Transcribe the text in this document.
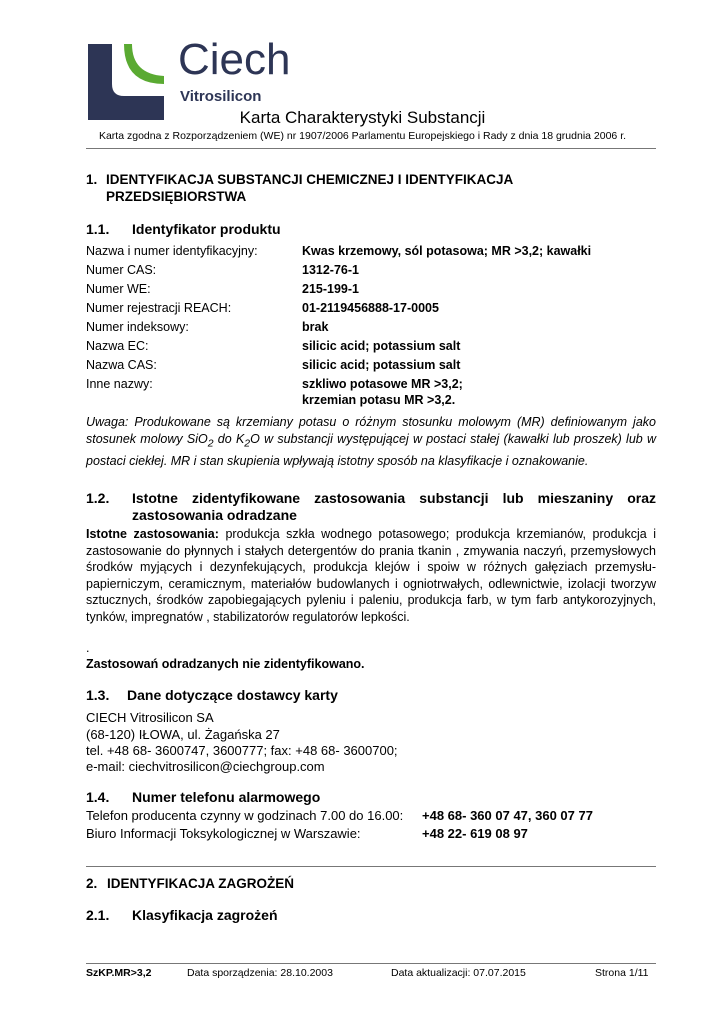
Ciech
Vitrosilicon
Karta Charakterystyki Substancji
Karta zgodna z Rozporządzeniem (WE) nr 1907/2006 Parlamentu Europejskiego i Rady z dnia 18 grudnia 2006 r.
1. IDENTYFIKACJA SUBSTANCJI CHEMICZNEJ I IDENTYFIKACJA
PRZEDSIĘBIORSTWA
1.1. Identyfikator produktu
Nazwa i numer identyfikacyjny:	Kwas krzemowy, sól potasowa; MR >3,2; kawałki
Numer CAS:	1312-76-1
Numer WE:	215-199-1
Numer rejestracji REACH:	01-2119456888-17-0005
Numer indeksowy:	brak
Nazwa EC:	silicic acid; potassium salt
Nazwa CAS:	silicic acid; potassium salt
Inne nazwy:	szkliwo potasowe MR >3,2;
krzemian potasu MR >3,2.
Uwaga: Produkowane są krzemiany potasu o różnym stosunku molowym (MR) definiowanym jako stosunek molowy SiO$_2$ do $K_2O$ w substancji występującej w postaci stałej (kawałki lub proszek) lub w postaci ciekłej. MR i stan skupienia wpływają istotny sposób na klasyfikacje i oznakowanie.
1.2. Istotne zidentyfikowane zastosowania substancji lub mieszaniny oraz
zastosowania odradzane
Istotne zastosowania: produkcja szkła wodnego potasowego; produkcja krzemianów, produkcja i zastosowanie do płynnych i stałych detergentów do prania tkanin , zmywania naczyń, przemysłowych środków myjących i dezynfekujących, produkcja klejów i spoiw w różnych gałęziach przemysłu- papierniczym, ceramicznym, materiałów budowlanych i ogniotrwałych, odlewnictwie, izolacji tworzyw sztucznych, środków zapobiegających pyleniu i paleniu, produkcja farb, w tym farb antykorozyjnych, tynków, impregnatów , stabilizatorów regulatorów lepkości.
.
Zastosowań odradzanych nie zidentyfikowano.
1.3. Dane dotyczące dostawcy karty
CIECH Vitrosilicon SA
(68-120) IŁOWA, ul. Żagańska 27
tel. +48 68- 3600747, 3600777; fax: +48 68- 3600700;
e-mail: ciechvitrosilicon@ciechgroup.com
1.4. Numer telefonu alarmowego
Telefon producenta czynny w godzinach 7.00 do 16.00: +48 68- 360 07 47, 360 07 77
Biuro Informacji Toksykologicznej w Warszawie:	+48 22- 619 08 97
2. IDENTYFIKACJA ZAGROŻEŃ
2.1. Klasyfikacja zagrożeń
SzKP.MR>3,2	Data sporządzenia: 28.10.2003	Data aktualizacji: 07.07.2015	Strona 1/11
